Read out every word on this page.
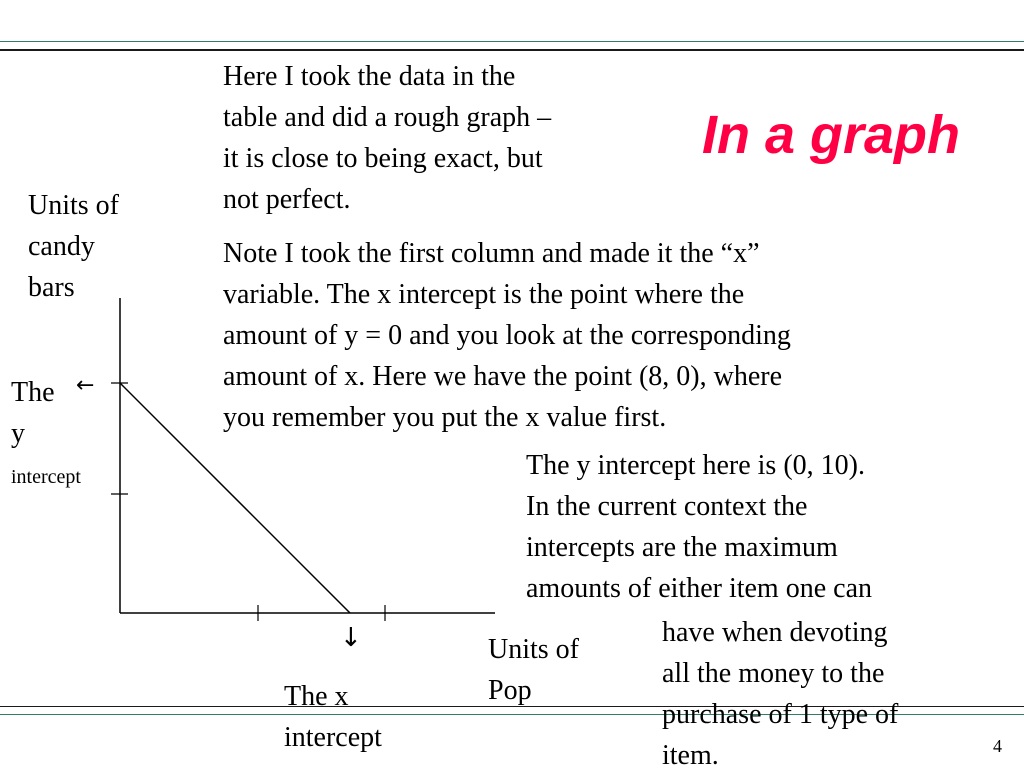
In a graph

Here I took the data in the
table and did a rough graph –
it is close to being exact, but
not perfect.

Note I took the first column and made it the “x”
variable. The x intercept is the point where the
amount of y = 0 and you look at the corresponding
amount of x. Here we have the point (8, 0), where
you remember you put the x value first.

The y intercept here is (0, 10).
In the current context the
intercepts are the maximum
amounts of either item one can

have when devoting
all the money to the
purchase of 1 type of
item.

Units of
candy
bars

Units of
Pop

The
y

intercept

The x
intercept

←
↓
4
